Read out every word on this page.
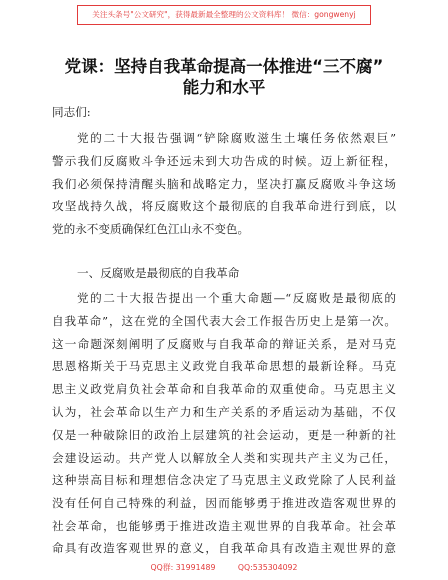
关注头条号"公文研究"，获得最新最全整理的公文资料库！ 微信：gongwenyj
党课：坚持自我革命提高一体推进“三不腐”
能力和水平
同志们:
党的二十大报告强调“铲除腐败滋生土壤任务依然艰巨”
警示我们反腐败斗争还远未到大功告成的时候。迈上新征程，
我们必须保持清醒头脑和战略定力，坚决打赢反腐败斗争这场
攻坚战持久战，将反腐败这个最彻底的自我革命进行到底，以
党的永不变质确保红色江山永不变色。
一、反腐败是最彻底的自我革命
党的二十大报告提出一个重大命题—“反腐败是最彻底的
自我革命”，这在党的全国代表大会工作报告历史上是第一次。
这一命题深刻阐明了反腐败与自我革命的辩证关系，是对马克
思恩格斯关于马克思主义政党自我革命思想的最新诠释。马克
思主义政党肩负社会革命和自我革命的双重使命。马克思主义
认为，社会革命以生产力和生产关系的矛盾运动为基础，不仅
仅是一种破除旧的政治上层建筑的社会运动，更是一种新的社
会建设运动。共产党人以解放全人类和实现共产主义为己任，
这种崇高目标和理想信念决定了马克思主义政党除了人民利益
没有任何自己特殊的利益，因而能够勇于推进改造客观世界的
社会革命，也能够勇于推进改造主观世界的自我革命。社会革
命具有改造客观世界的意义，自我革命具有改造主观世界的意
QQ群: 31991489	QQ:535304092
